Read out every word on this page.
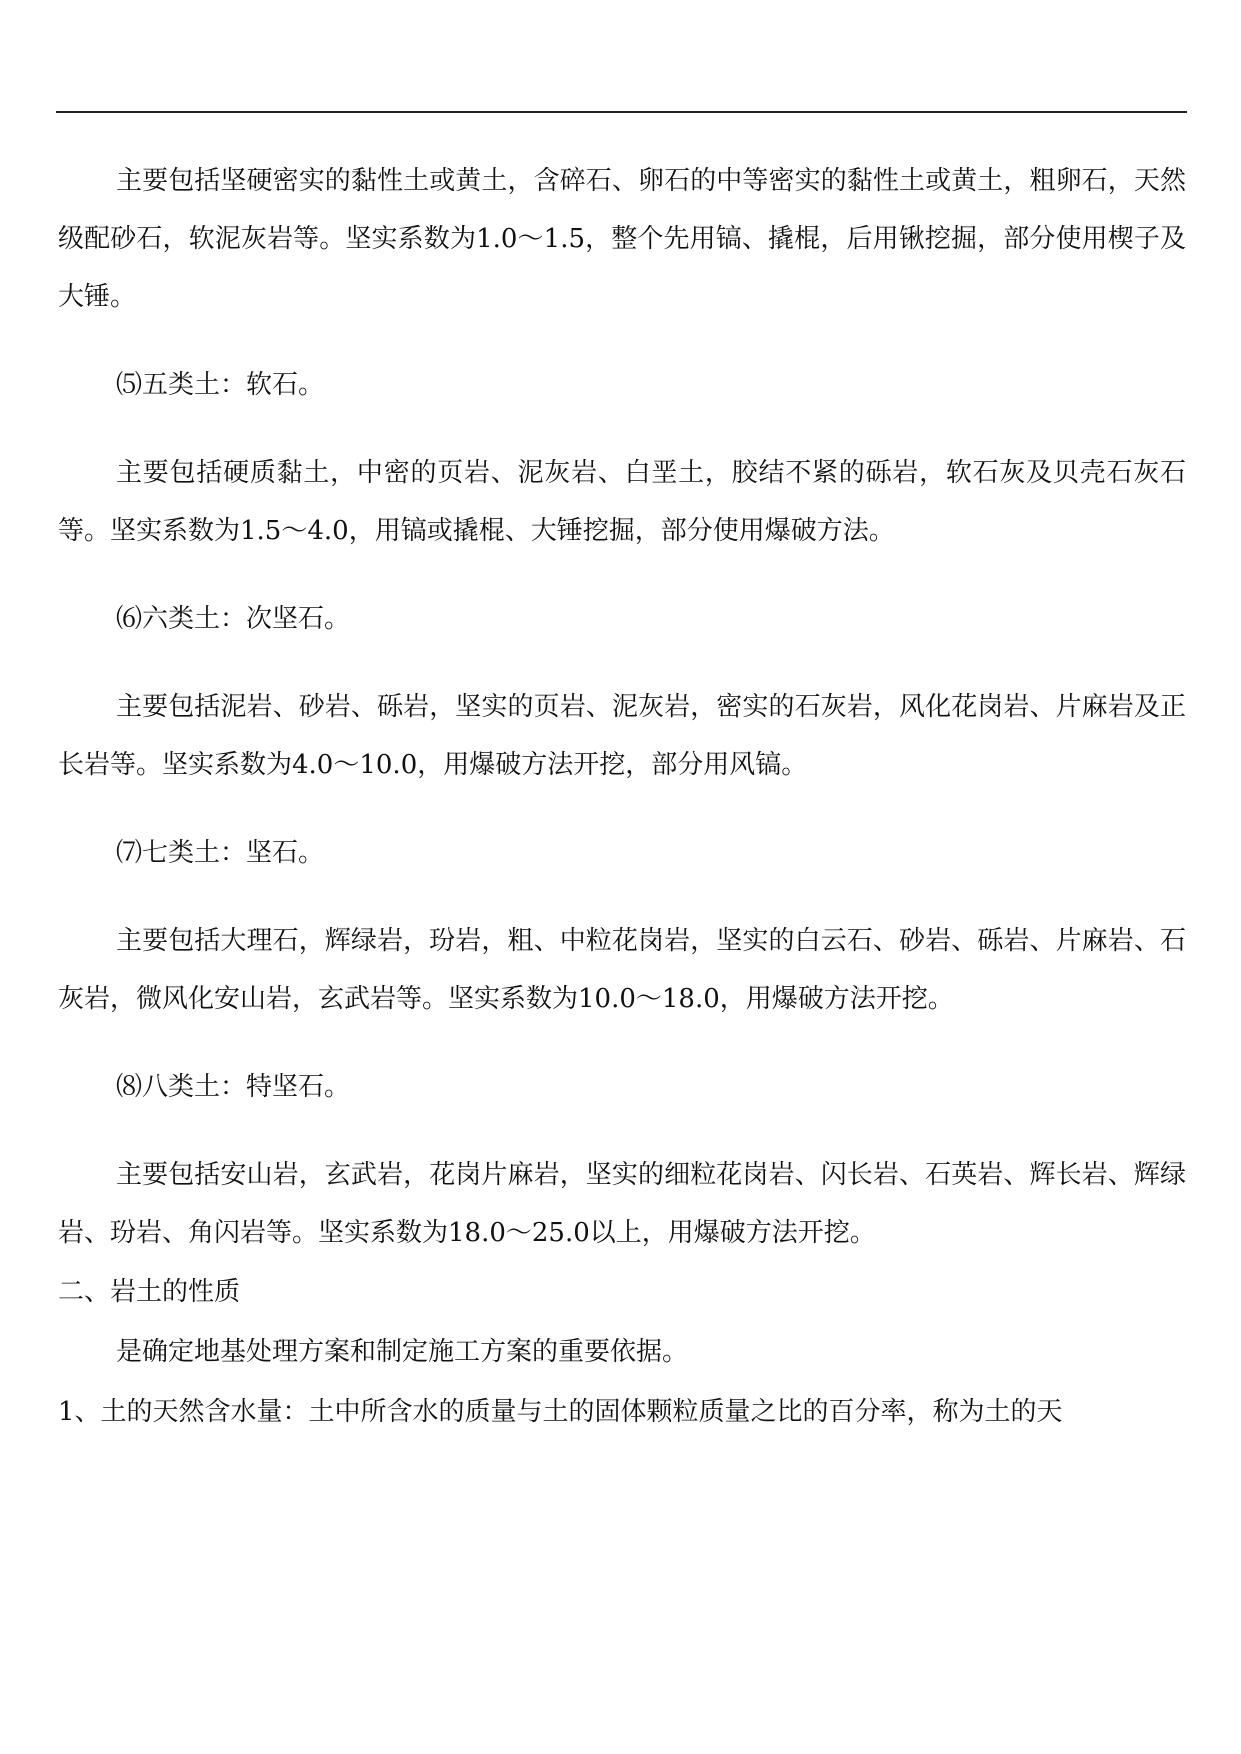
主要包括坚硬密实的黏性土或黄土，含碎石、卵石的中等密实的黏性土或黄土，粗卵石，天然级配砂石，软泥灰岩等。坚实系数为1.0～1.5，整个先用镐、撬棍，后用锹挖掘，部分使用楔子及大锤。

⑸五类土：软石。

主要包括硬质黏土，中密的页岩、泥灰岩、白垩土，胶结不紧的砾岩，软石灰及贝壳石灰石等。坚实系数为1.5～4.0，用镐或撬棍、大锤挖掘，部分使用爆破方法。

⑹六类土：次坚石。

主要包括泥岩、砂岩、砾岩，坚实的页岩、泥灰岩，密实的石灰岩，风化花岗岩、片麻岩及正长岩等。坚实系数为4.0～10.0，用爆破方法开挖，部分用风镐。

⑺七类土：坚石。

主要包括大理石，辉绿岩，玢岩，粗、中粒花岗岩，坚实的白云石、砂岩、砾岩、片麻岩、石灰岩，微风化安山岩，玄武岩等。坚实系数为10.0～18.0，用爆破方法开挖。

⑻八类土：特坚石。

主要包括安山岩，玄武岩，花岗片麻岩，坚实的细粒花岗岩、闪长岩、石英岩、辉长岩、辉绿岩、玢岩、角闪岩等。坚实系数为18.0～25.0以上，用爆破方法开挖。

二、岩土的性质

是确定地基处理方案和制定施工方案的重要依据。

1、土的天然含水量：土中所含水的质量与土的固体颗粒质量之比的百分率，称为土的天
